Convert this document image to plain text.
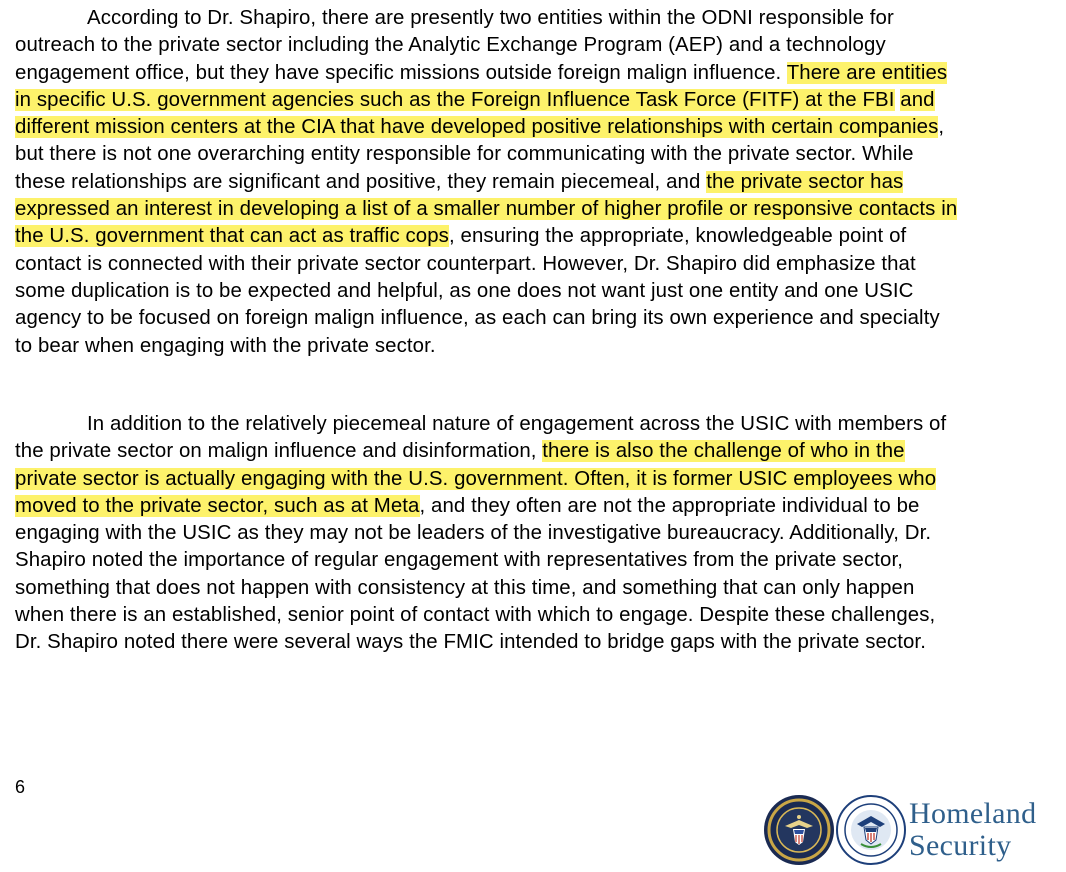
According to Dr. Shapiro, there are presently two entities within the ODNI responsible for outreach to the private sector including the Analytic Exchange Program (AEP) and a technology engagement office, but they have specific missions outside foreign malign influence. There are entities in specific U.S. government agencies such as the Foreign Influence Task Force (FITF) at the FBI and different mission centers at the CIA that have developed positive relationships with certain companies, but there is not one overarching entity responsible for communicating with the private sector. While these relationships are significant and positive, they remain piecemeal, and the private sector has expressed an interest in developing a list of a smaller number of higher profile or responsive contacts in the U.S. government that can act as traffic cops, ensuring the appropriate, knowledgeable point of contact is connected with their private sector counterpart. However, Dr. Shapiro did emphasize that some duplication is to be expected and helpful, as one does not want just one entity and one USIC agency to be focused on foreign malign influence, as each can bring its own experience and specialty to bear when engaging with the private sector.

In addition to the relatively piecemeal nature of engagement across the USIC with members of the private sector on malign influence and disinformation, there is also the challenge of who in the private sector is actually engaging with the U.S. government. Often, it is former USIC employees who moved to the private sector, such as at Meta, and they often are not the appropriate individual to be engaging with the USIC as they may not be leaders of the investigative bureaucracy. Additionally, Dr. Shapiro noted the importance of regular engagement with representatives from the private sector, something that does not happen with consistency at this time, and something that can only happen when there is an established, senior point of contact with which to engage. Despite these challenges, Dr. Shapiro noted there were several ways the FMIC intended to bridge gaps with the private sector.

6
Homeland
Security
